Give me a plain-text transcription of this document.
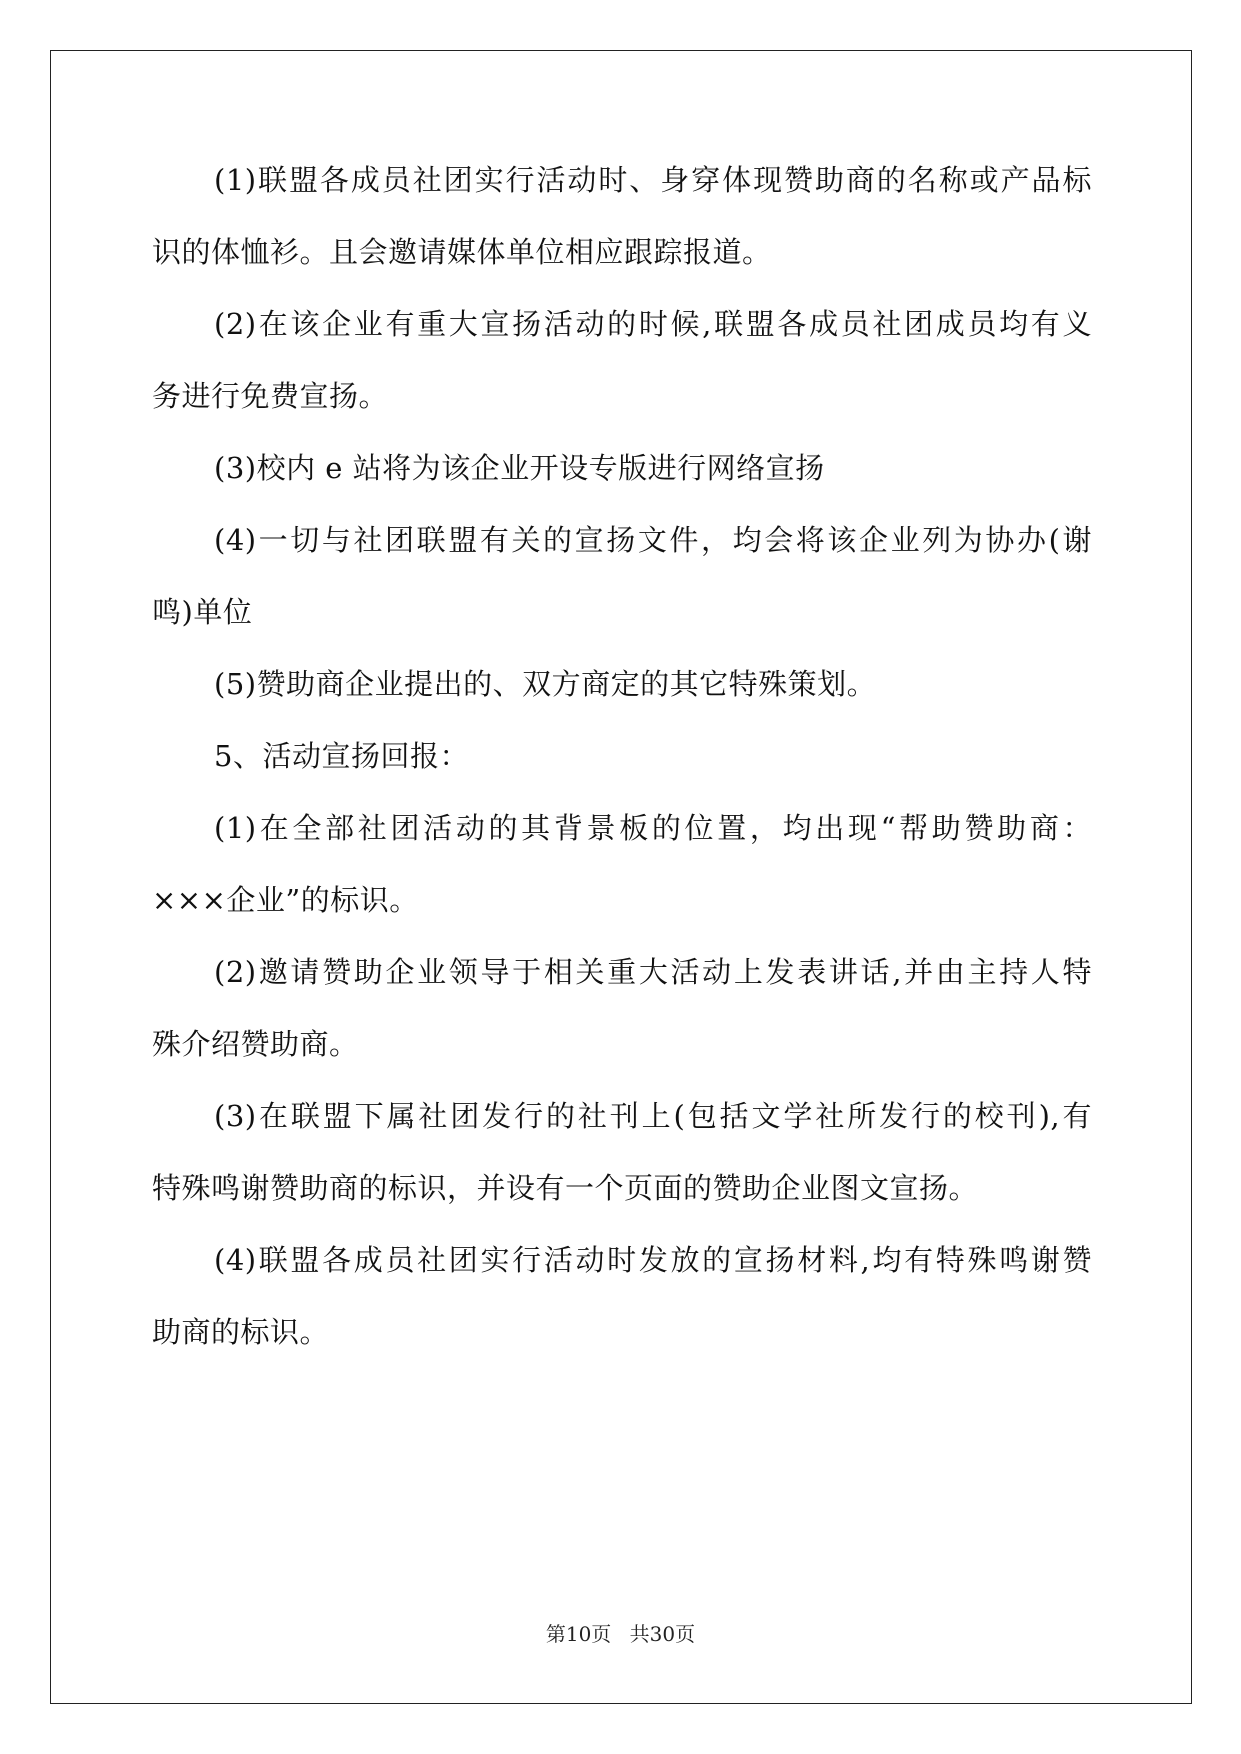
(1)联盟各成员社团实行活动时、身穿体现赞助商的名称或产品标
识的体恤衫。且会邀请媒体单位相应跟踪报道。
(2)在该企业有重大宣扬活动的时候,联盟各成员社团成员均有义
务进行免费宣扬。
(3)校内 e 站将为该企业开设专版进行网络宣扬
(4)一切与社团联盟有关的宣扬文件，均会将该企业列为协办(谢
鸣)单位
(5)赞助商企业提出的、双方商定的其它特殊策划。
5、活动宣扬回报：
(1)在全部社团活动的其背景板的位置，均出现“帮助赞助商：
×××企业”的标识。
(2)邀请赞助企业领导于相关重大活动上发表讲话,并由主持人特
殊介绍赞助商。
(3)在联盟下属社团发行的社刊上(包括文学社所发行的校刊),有
特殊鸣谢赞助商的标识，并设有一个页面的赞助企业图文宣扬。
(4)联盟各成员社团实行活动时发放的宣扬材料,均有特殊鸣谢赞
助商的标识。
第10页 共30页
